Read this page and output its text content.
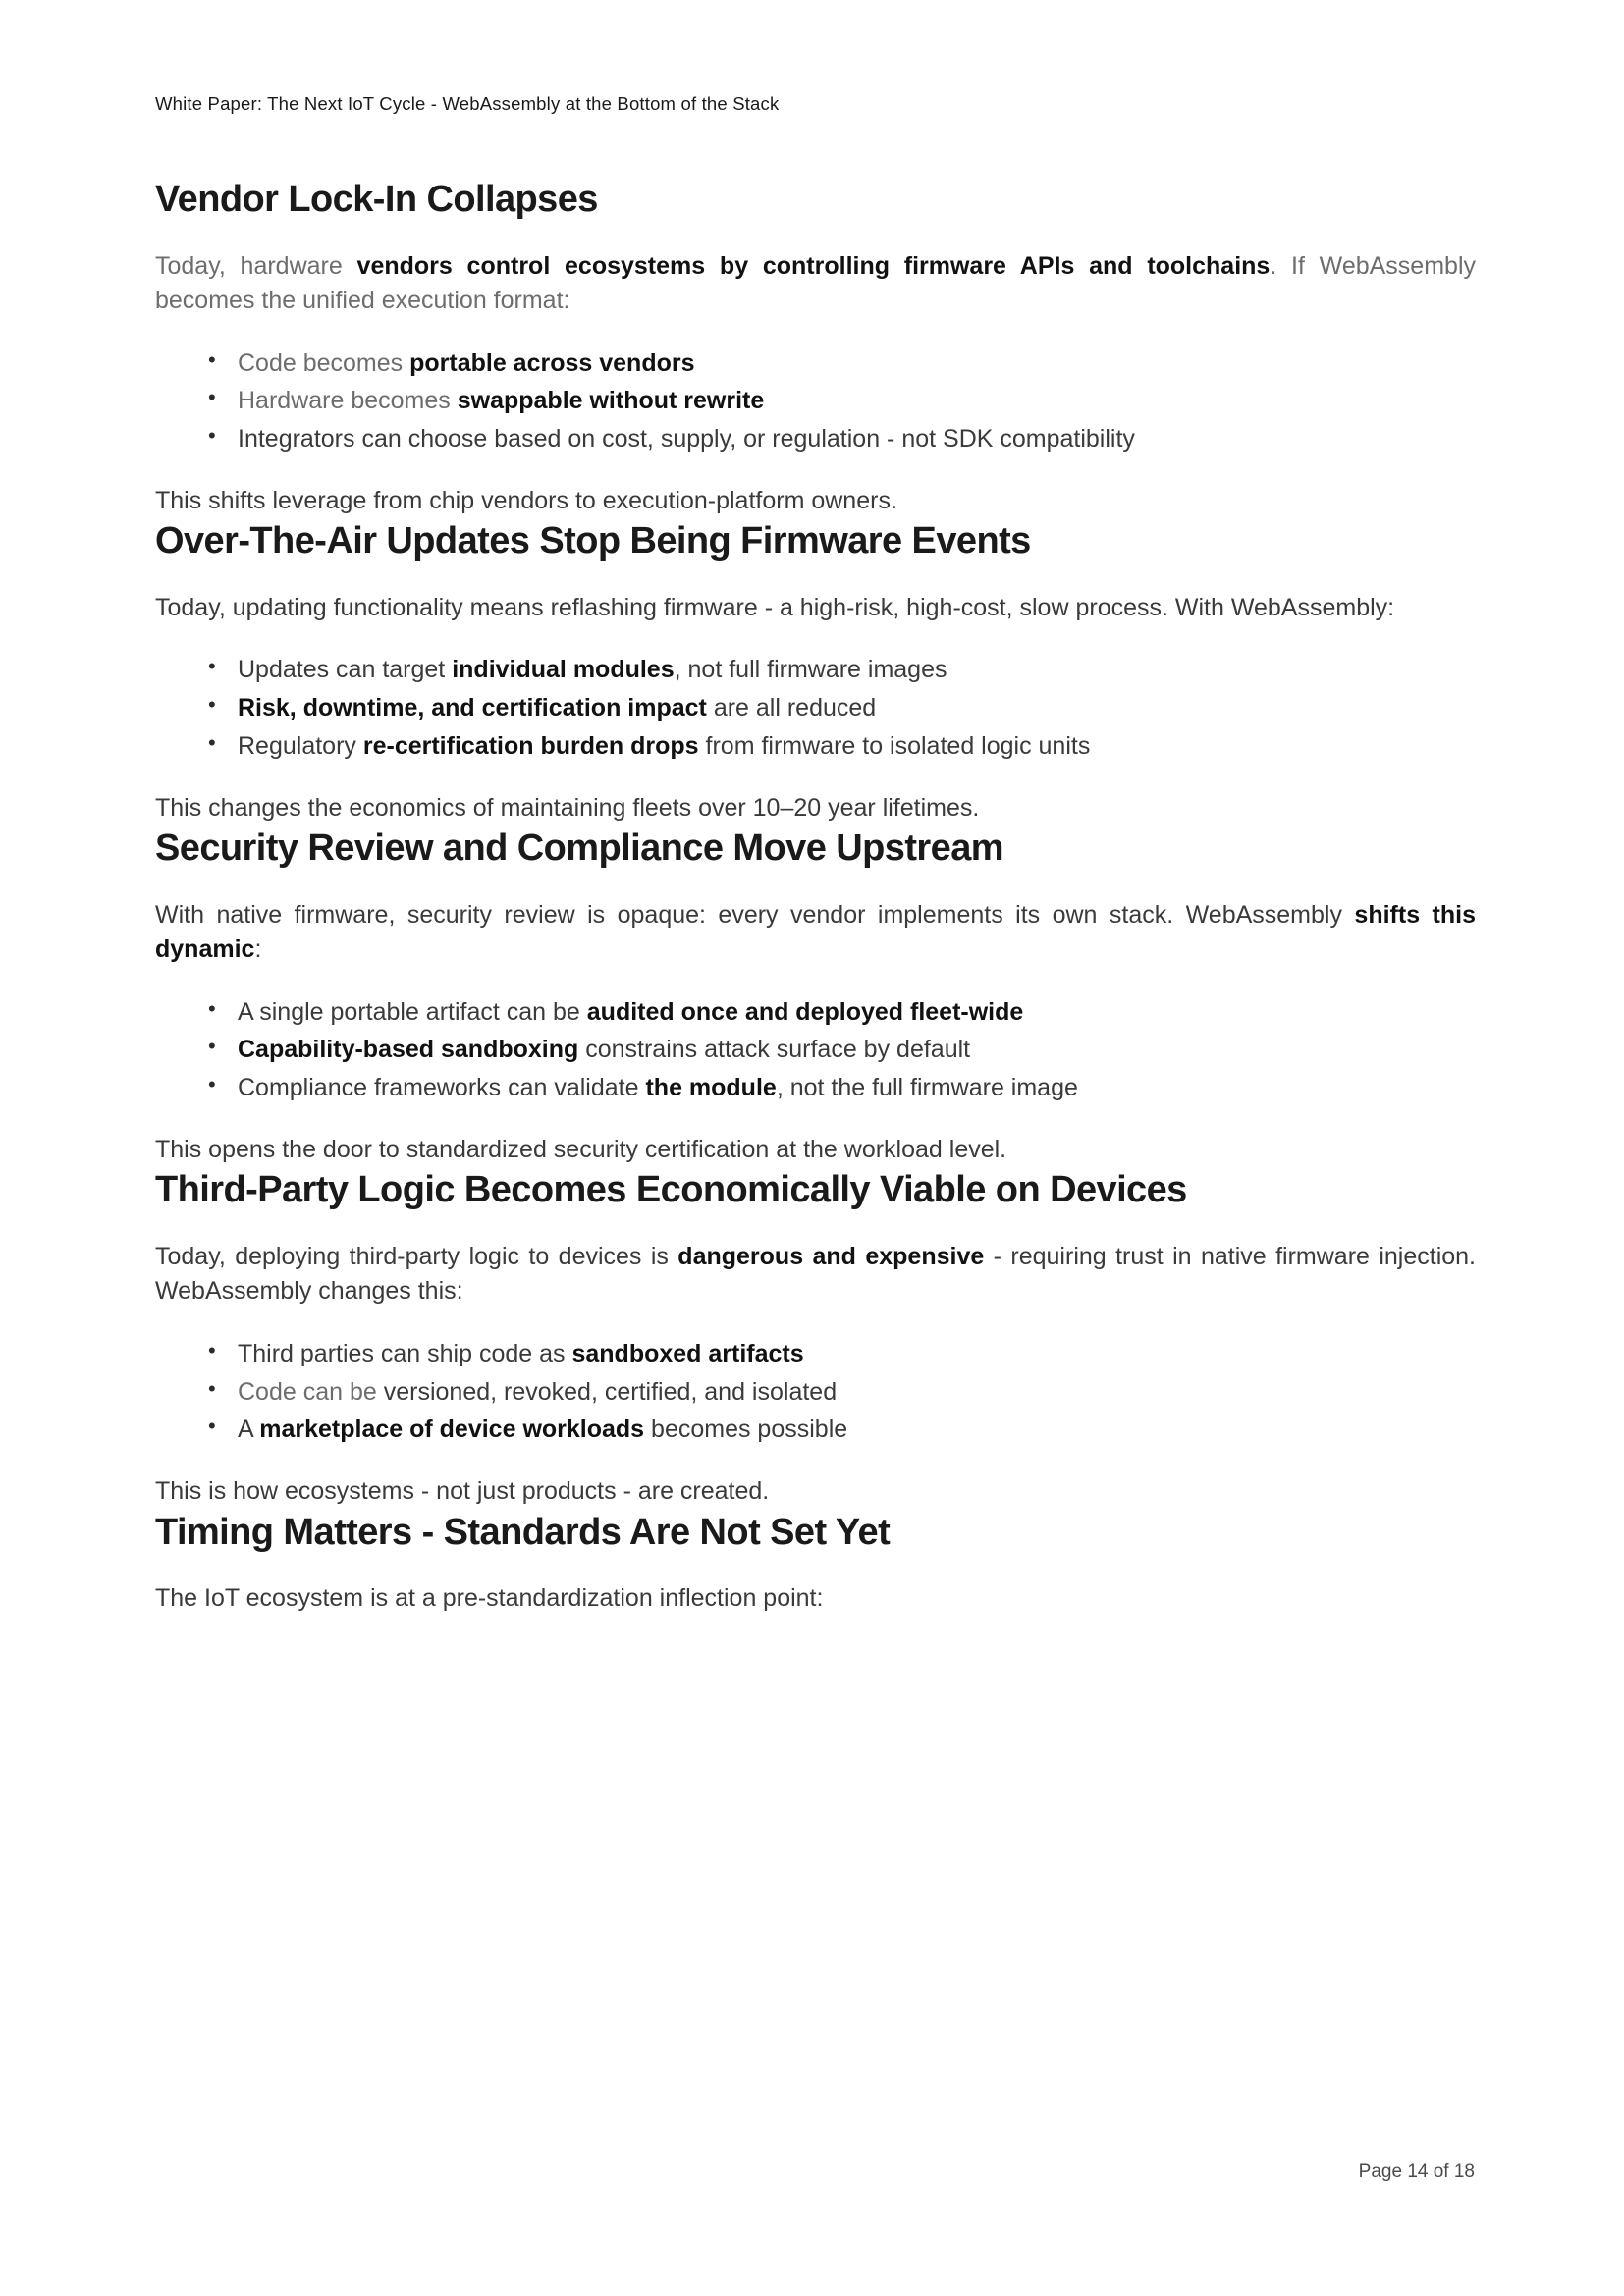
White Paper: The Next IoT Cycle - WebAssembly at the Bottom of the Stack
Vendor Lock-In Collapses

Today, hardware vendors control ecosystems by controlling firmware APIs and toolchains. If WebAssembly becomes the unified execution format:

• Code becomes portable across vendors
• Hardware becomes swappable without rewrite
• Integrators can choose based on cost, supply, or regulation - not SDK compatibility

This shifts leverage from chip vendors to execution-platform owners.

Over-The-Air Updates Stop Being Firmware Events

Today, updating functionality means reflashing firmware - a high-risk, high-cost, slow process. With WebAssembly:

• Updates can target individual modules, not full firmware images
• Risk, downtime, and certification impact are all reduced
• Regulatory re-certification burden drops from firmware to isolated logic units

This changes the economics of maintaining fleets over 10–20 year lifetimes.

Security Review and Compliance Move Upstream

With native firmware, security review is opaque: every vendor implements its own stack. WebAssembly shifts this dynamic:

• A single portable artifact can be audited once and deployed fleet-wide
• Capability-based sandboxing constrains attack surface by default
• Compliance frameworks can validate the module, not the full firmware image

This opens the door to standardized security certification at the workload level.

Third-Party Logic Becomes Economically Viable on Devices

Today, deploying third-party logic to devices is dangerous and expensive - requiring trust in native firmware injection. WebAssembly changes this:

• Third parties can ship code as sandboxed artifacts
• Code can be versioned, revoked, certified, and isolated
• A marketplace of device workloads becomes possible

This is how ecosystems - not just products - are created.

Timing Matters - Standards Are Not Set Yet

The IoT ecosystem is at a pre-standardization inflection point:

Page 14 of 18
